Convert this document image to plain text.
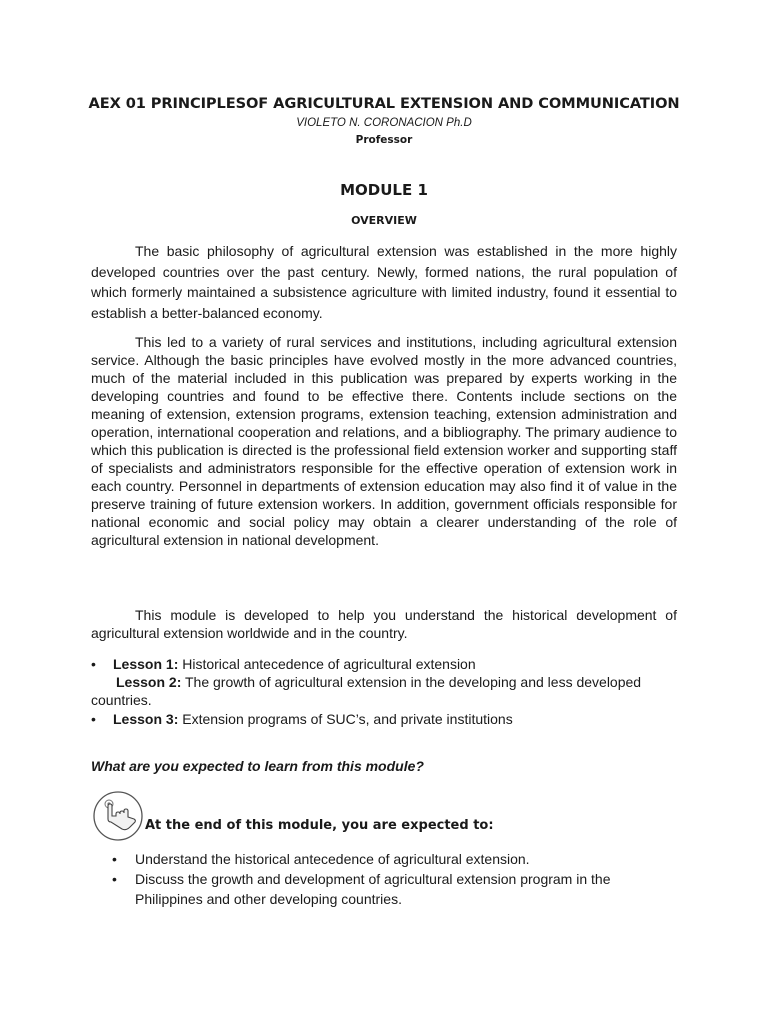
AEX 01 PRINCIPLESOF AGRICULTURAL EXTENSION AND COMMUNICATION
VIOLETO N. CORONACION Ph.D
Professor
MODULE 1
OVERVIEW

The basic philosophy of agricultural extension was established in the more highly developed countries over the past century. Newly, formed nations, the rural population of which formerly maintained a subsistence agriculture with limited industry, found it essential to establish a better-balanced economy.

This led to a variety of rural services and institutions, including agricultural extension service. Although the basic principles have evolved mostly in the more advanced countries, much of the material included in this publication was prepared by experts working in the developing countries and found to be effective there. Contents include sections on the meaning of extension, extension programs, extension teaching, extension administration and operation, international cooperation and relations, and a bibliography. The primary audience to which this publication is directed is the professional field extension worker and supporting staff of specialists and administrators responsible for the effective operation of extension work in each country. Personnel in departments of extension education may also find it of value in the preserve training of future extension workers. In addition, government officials responsible for national economic and social policy may obtain a clearer understanding of the role of agricultural extension in national development.

This module is developed to help you understand the historical development of agricultural extension worldwide and in the country.

•	Lesson 1: Historical antecedence of agricultural extension
Lesson 2: The growth of agricultural extension in the developing and less developed countries.
•	Lesson 3: Extension programs of SUC’s, and private institutions
What are you expected to learn from this module?
At the end of this module, you are expected to:
•	Understand the historical antecedence of agricultural extension.
•	Discuss the growth and development of agricultural extension program in the Philippines and other developing countries.
